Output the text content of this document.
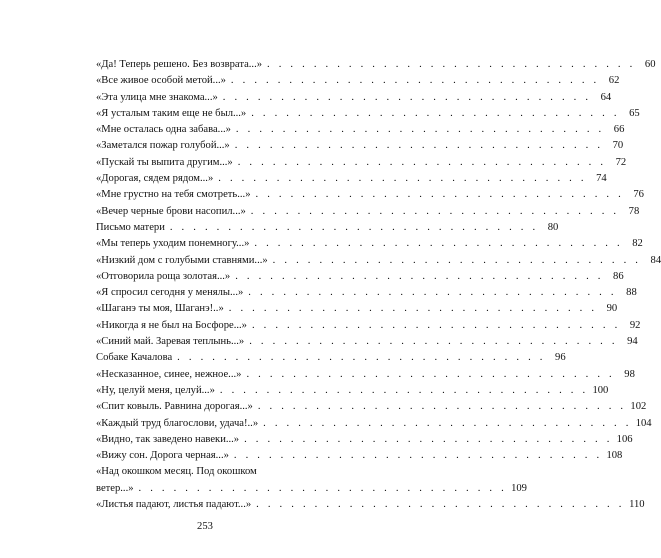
«Да! Теперь решено. Без возврата...» . . . . . . . . . . . . . . . . . . . . . . . . . . . . . . . . 60
«Все живое особой метой...» . . . . . . . . . . . . . . . . . . . . . . . . . . . . . . . . 62
«Эта улица мне знакома...» . . . . . . . . . . . . . . . . . . . . . . . . . . . . . . . . 64
«Я усталым таким еще не был...» . . . . . . . . . . . . . . . . . . . . . . . . . . . . . . . . 65
«Мне осталась одна забава...» . . . . . . . . . . . . . . . . . . . . . . . . . . . . . . . . 66
«Заметался пожар голубой...» . . . . . . . . . . . . . . . . . . . . . . . . . . . . . . . . 70
«Пускай ты выпита другим...» . . . . . . . . . . . . . . . . . . . . . . . . . . . . . . . . 72
«Дорогая, сядем рядом...» . . . . . . . . . . . . . . . . . . . . . . . . . . . . . . . . 74
«Мне грустно на тебя смотреть...» . . . . . . . . . . . . . . . . . . . . . . . . . . . . . . . . 76
«Вечер черные брови насопил...» . . . . . . . . . . . . . . . . . . . . . . . . . . . . . . . . 78
Письмо матери . . . . . . . . . . . . . . . . . . . . . . . . . . . . . . . . 80
«Мы теперь уходим понемногу...» . . . . . . . . . . . . . . . . . . . . . . . . . . . . . . . . 82
«Низкий дом с голубыми ставнями...» . . . . . . . . . . . . . . . . . . . . . . . . . . . . . . . . 84
«Отговорила роща золотая...» . . . . . . . . . . . . . . . . . . . . . . . . . . . . . . . . 86
«Я спросил сегодня у менялы...» . . . . . . . . . . . . . . . . . . . . . . . . . . . . . . . . 88
«Шаганэ ты моя, Шаганэ!..» . . . . . . . . . . . . . . . . . . . . . . . . . . . . . . . . 90
«Никогда я не был на Босфоре...» . . . . . . . . . . . . . . . . . . . . . . . . . . . . . . . . 92
«Синий май. Заревая теплынь...» . . . . . . . . . . . . . . . . . . . . . . . . . . . . . . . . 94
Собаке Качалова . . . . . . . . . . . . . . . . . . . . . . . . . . . . . . . . 96
«Несказанное, синее, нежное...» . . . . . . . . . . . . . . . . . . . . . . . . . . . . . . . . 98
«Ну, целуй меня, целуй...» . . . . . . . . . . . . . . . . . . . . . . . . . . . . . . . . 100
«Спит ковыль. Равнина дорогая...» . . . . . . . . . . . . . . . . . . . . . . . . . . . . . . . . 102
«Каждый труд благослови, удача!..» . . . . . . . . . . . . . . . . . . . . . . . . . . . . . . . . 104
«Видно, так заведено навеки...» . . . . . . . . . . . . . . . . . . . . . . . . . . . . . . . . 106
«Вижу сон. Дорога черная...» . . . . . . . . . . . . . . . . . . . . . . . . . . . . . . . . 108
«Над окошком месяц. Под окошком
ветер...» . . . . . . . . . . . . . . . . . . . . . . . . . . . . . . . . 109
«Листья падают, листья падают...» . . . . . . . . . . . . . . . . . . . . . . . . . . . . . . . . 110
253
